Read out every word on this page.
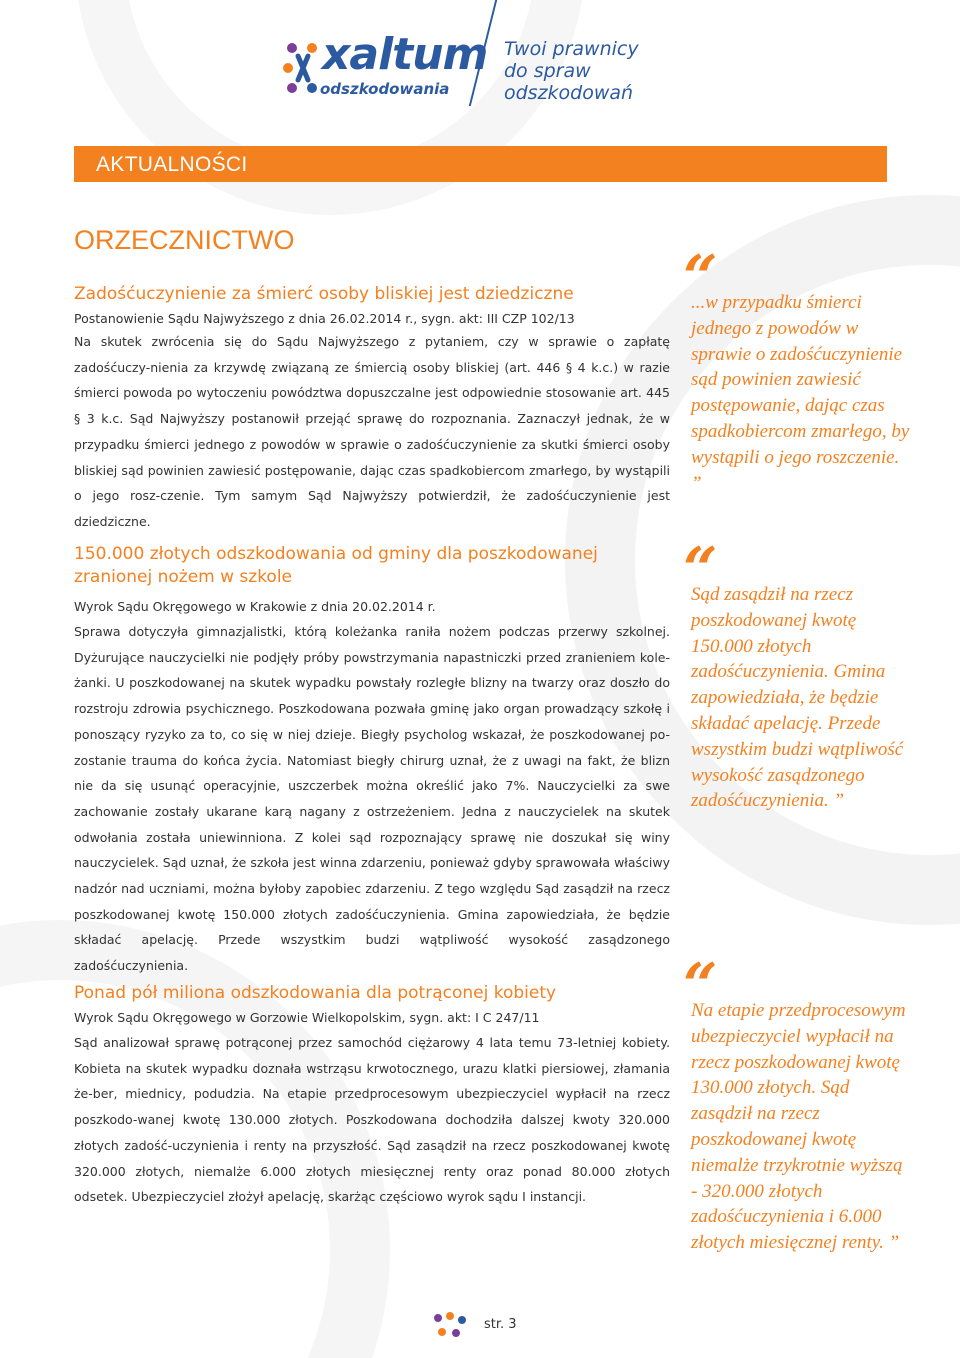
xaltum
odszkodowania
Twoi prawnicy
do spraw odszkodowań
AKTUALNOŚCI
ORZECZNICTWO
Zadośćuczynienie za śmierć osoby bliskiej jest dziedziczne
Postanowienie Sądu Najwyższego z dnia 26.02.2014 r., sygn. akt: III CZP 102/13
Na skutek zwrócenia się do Sądu Najwyższego z pytaniem, czy w sprawie o zapłatę zadośćuczy-nienia za krzywdę związaną ze śmiercią osoby bliskiej (art. 446 § 4 k.c.) w razie śmierci powoda po wytoczeniu powództwa dopuszczalne jest odpowiednie stosowanie art. 445 § 3 k.c. Sąd Najwyższy postanowił przejąć sprawę do rozpoznania. Zaznaczył jednak, że w przypadku śmierci jednego z powodów w sprawie o zadośćuczynienie za skutki śmierci osoby bliskiej sąd powinien zawiesić postępowanie, dając czas spadkobiercom zmarłego, by wystąpili o jego rosz-czenie. Tym samym Sąd Najwyższy potwierdził, że zadośćuczynienie jest dziedziczne.
150.000 złotych odszkodowania od gminy dla poszkodowanej zranionej nożem w szkole
Wyrok Sądu Okręgowego w Krakowie z dnia 20.02.2014 r.
Sprawa dotyczyła gimnazjalistki, którą koleżanka raniła nożem podczas przerwy szkolnej. Dyżurujące nauczycielki nie podjęły próby powstrzymania napastniczki przed zranieniem kole-żanki. U poszkodowanej na skutek wypadku powstały rozległe blizny na twarzy oraz doszło do rozstroju zdrowia psychicznego. Poszkodowana pozwała gminę jako organ prowadzący szkołę i ponoszący ryzyko za to, co się w niej dzieje. Biegły psycholog wskazał, że poszkodowanej po-zostanie trauma do końca życia. Natomiast biegły chirurg uznał, że z uwagi na fakt, że blizn nie da się usunąć operacyjnie, uszczerbek można określić jako 7%. Nauczycielki za swe zachowanie zostały ukarane karą nagany z ostrzeżeniem. Jedna z nauczycielek na skutek odwołania została uniewinniona. Z kolei sąd rozpoznający sprawę nie doszukał się winy nauczycielek. Sąd uznał, że szkoła jest winna zdarzeniu, ponieważ gdyby sprawowała właściwy nadzór nad uczniami, można byłoby zapobiec zdarzeniu. Z tego względu Sąd zasądził na rzecz poszkodowanej kwotę 150.000 złotych zadośćuczynienia. Gmina zapowiedziała, że będzie składać apelację. Przede wszystkim budzi wątpliwość wysokość zasądzonego zadośćuczynienia.
Ponad pół miliona odszkodowania dla potrąconej kobiety
Wyrok Sądu Okręgowego w Gorzowie Wielkopolskim, sygn. akt: I C 247/11
Sąd analizował sprawę potrąconej przez samochód ciężarowy 4 lata temu 73-letniej kobiety. Kobieta na skutek wypadku doznała wstrząsu krwotocznego, urazu klatki piersiowej, złamania że-ber, miednicy, podudzia. Na etapie przedprocesowym ubezpieczyciel wypłacił na rzecz poszkodo-wanej kwotę 130.000 złotych. Poszkodowana dochodziła dalszej kwoty 320.000 złotych zadość-uczynienia i renty na przyszłość. Sąd zasądził na rzecz poszkodowanej kwotę 320.000 złotych, niemalże 6.000 złotych miesięcznej renty oraz ponad 80.000 złotych odsetek. Ubezpieczyciel złożył apelację, skarżąc częściowo wyrok sądu I instancji.
“
...w przypadku śmierci jednego z powodów w sprawie o zadośćuczynienie sąd powinien zawiesić postępowanie, dając czas spadkobiercom zmarłego, by wystąpili o jego roszczenie. ”
“
Sąd zasądził na rzecz poszkodowanej kwotę 150.000 złotych zadośćuczynienia. Gmina zapowiedziała, że będzie składać apelację. Przede wszystkim budzi wątpliwość wysokość zasądzonego zadośćuczynienia. ”
“
Na etapie przedprocesowym ubezpieczyciel wypłacił na rzecz poszkodowanej kwotę 130.000 złotych. Sąd zasądził na rzecz poszkodowanej kwotę niemalże trzykrotnie wyższą - 320.000 złotych zadośćuczynienia i 6.000 złotych miesięcznej renty. ”
str. 3
